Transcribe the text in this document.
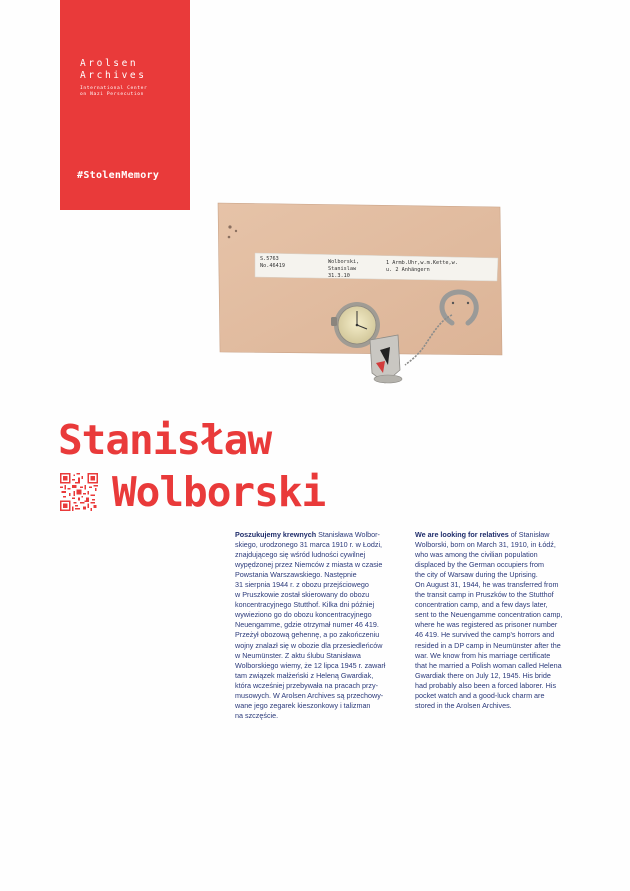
Arolsen
Archives
International Center
on Nazi Persecution
#StolenMemory
S.5763
No.46419
Wolborski,
Stanislaw
31.3.10
1 Armb.Uhr,w.m.Kette,w.
u. 2 Anhängern
Stanisław
Wolborski
Poszukujemy krewnych Stanisława Wolbor-
skiego, urodzonego 31 marca 1910 r. w Łodzi,
znajdującego się wśród ludności cywilnej
wypędzonej przez Niemców z miasta w czasie
Powstania Warszawskiego. Następnie
31 sierpnia 1944 r. z obozu przejściowego
w Pruszkowie został skierowany do obozu
koncentracyjnego Stutthof. Kilka dni później
wywieziono go do obozu koncentracyjnego
Neuengamme, gdzie otrzymał numer 46 419.
Przeżył obozową gehennę, a po zakończeniu
wojny znalazł się w obozie dla przesiedleńców
w Neumünster. Z aktu ślubu Stanisława
Wolborskiego wiemy, że 12 lipca 1945 r. zawarł
tam związek małżeński z Heleną Gwardiak,
która wcześniej przebywała na pracach przy-
musowych. W Arolsen Archives są przechowy-
wane jego zegarek kieszonkowy i talizman
na szczęście.
We are looking for relatives of Stanisław
Wolborski, born on March 31, 1910, in Łódź,
who was among the civilian population
displaced by the German occupiers from
the city of Warsaw during the Uprising.
On August 31, 1944, he was transferred from
the transit camp in Pruszków to the Stutthof
concentration camp, and a few days later,
sent to the Neuengamme concentration camp,
where he was registered as prisoner number
46 419. He survived the camp's horrors and
resided in a DP camp in Neumünster after the
war. We know from his marriage certificate
that he married a Polish woman called Helena
Gwardiak there on July 12, 1945. His bride
had probably also been a forced laborer. His
pocket watch and a good-luck charm are
stored in the Arolsen Archives.
